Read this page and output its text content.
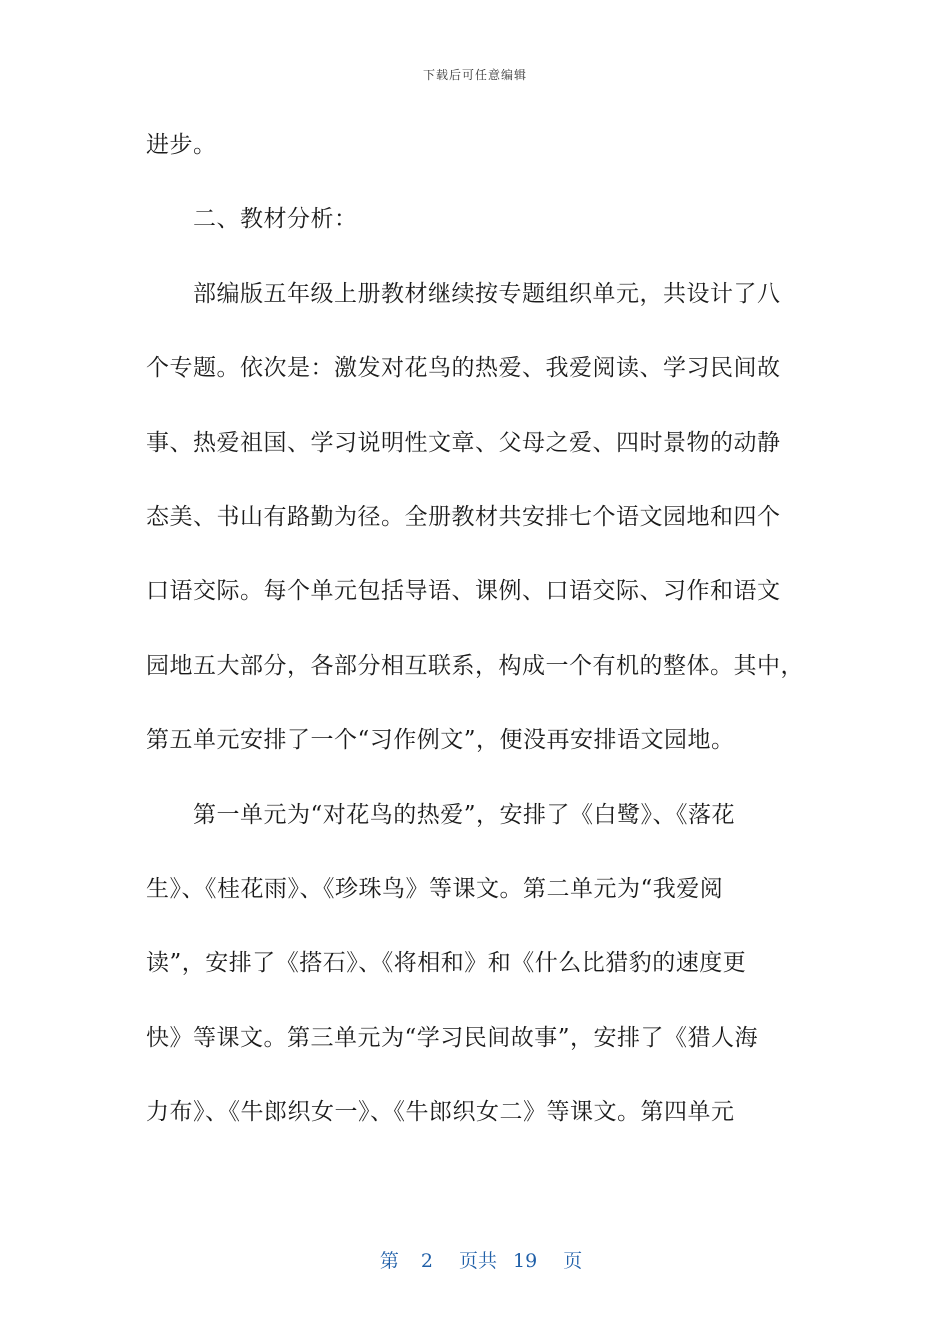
下载后可任意编辑
进步。
二、教材分析：
部编版五年级上册教材继续按专题组织单元，共设计了八
个专题。依次是：激发对花鸟的热爱、我爱阅读、学习民间故
事、热爱祖国、学习说明性文章、父母之爱、四时景物的动静
态美、书山有路勤为径。全册教材共安排七个语文园地和四个
口语交际。每个单元包括导语、课例、口语交际、习作和语文
园地五大部分，各部分相互联系，构成一个有机的整体。其中，
第五单元安排了一个“习作例文”，便没再安排语文园地。
第一单元为“对花鸟的热爱”，安排了《白鹭》、《落花
生》、《桂花雨》、《珍珠鸟》等课文。第二单元为“我爱阅
读”，安排了《搭石》、《将相和》和《什么比猎豹的速度更
快》等课文。第三单元为“学习民间故事”，安排了《猎人海
力布》、《牛郎织女一》、《牛郎织女二》等课文。第四单元

第 2 页共 19 页
